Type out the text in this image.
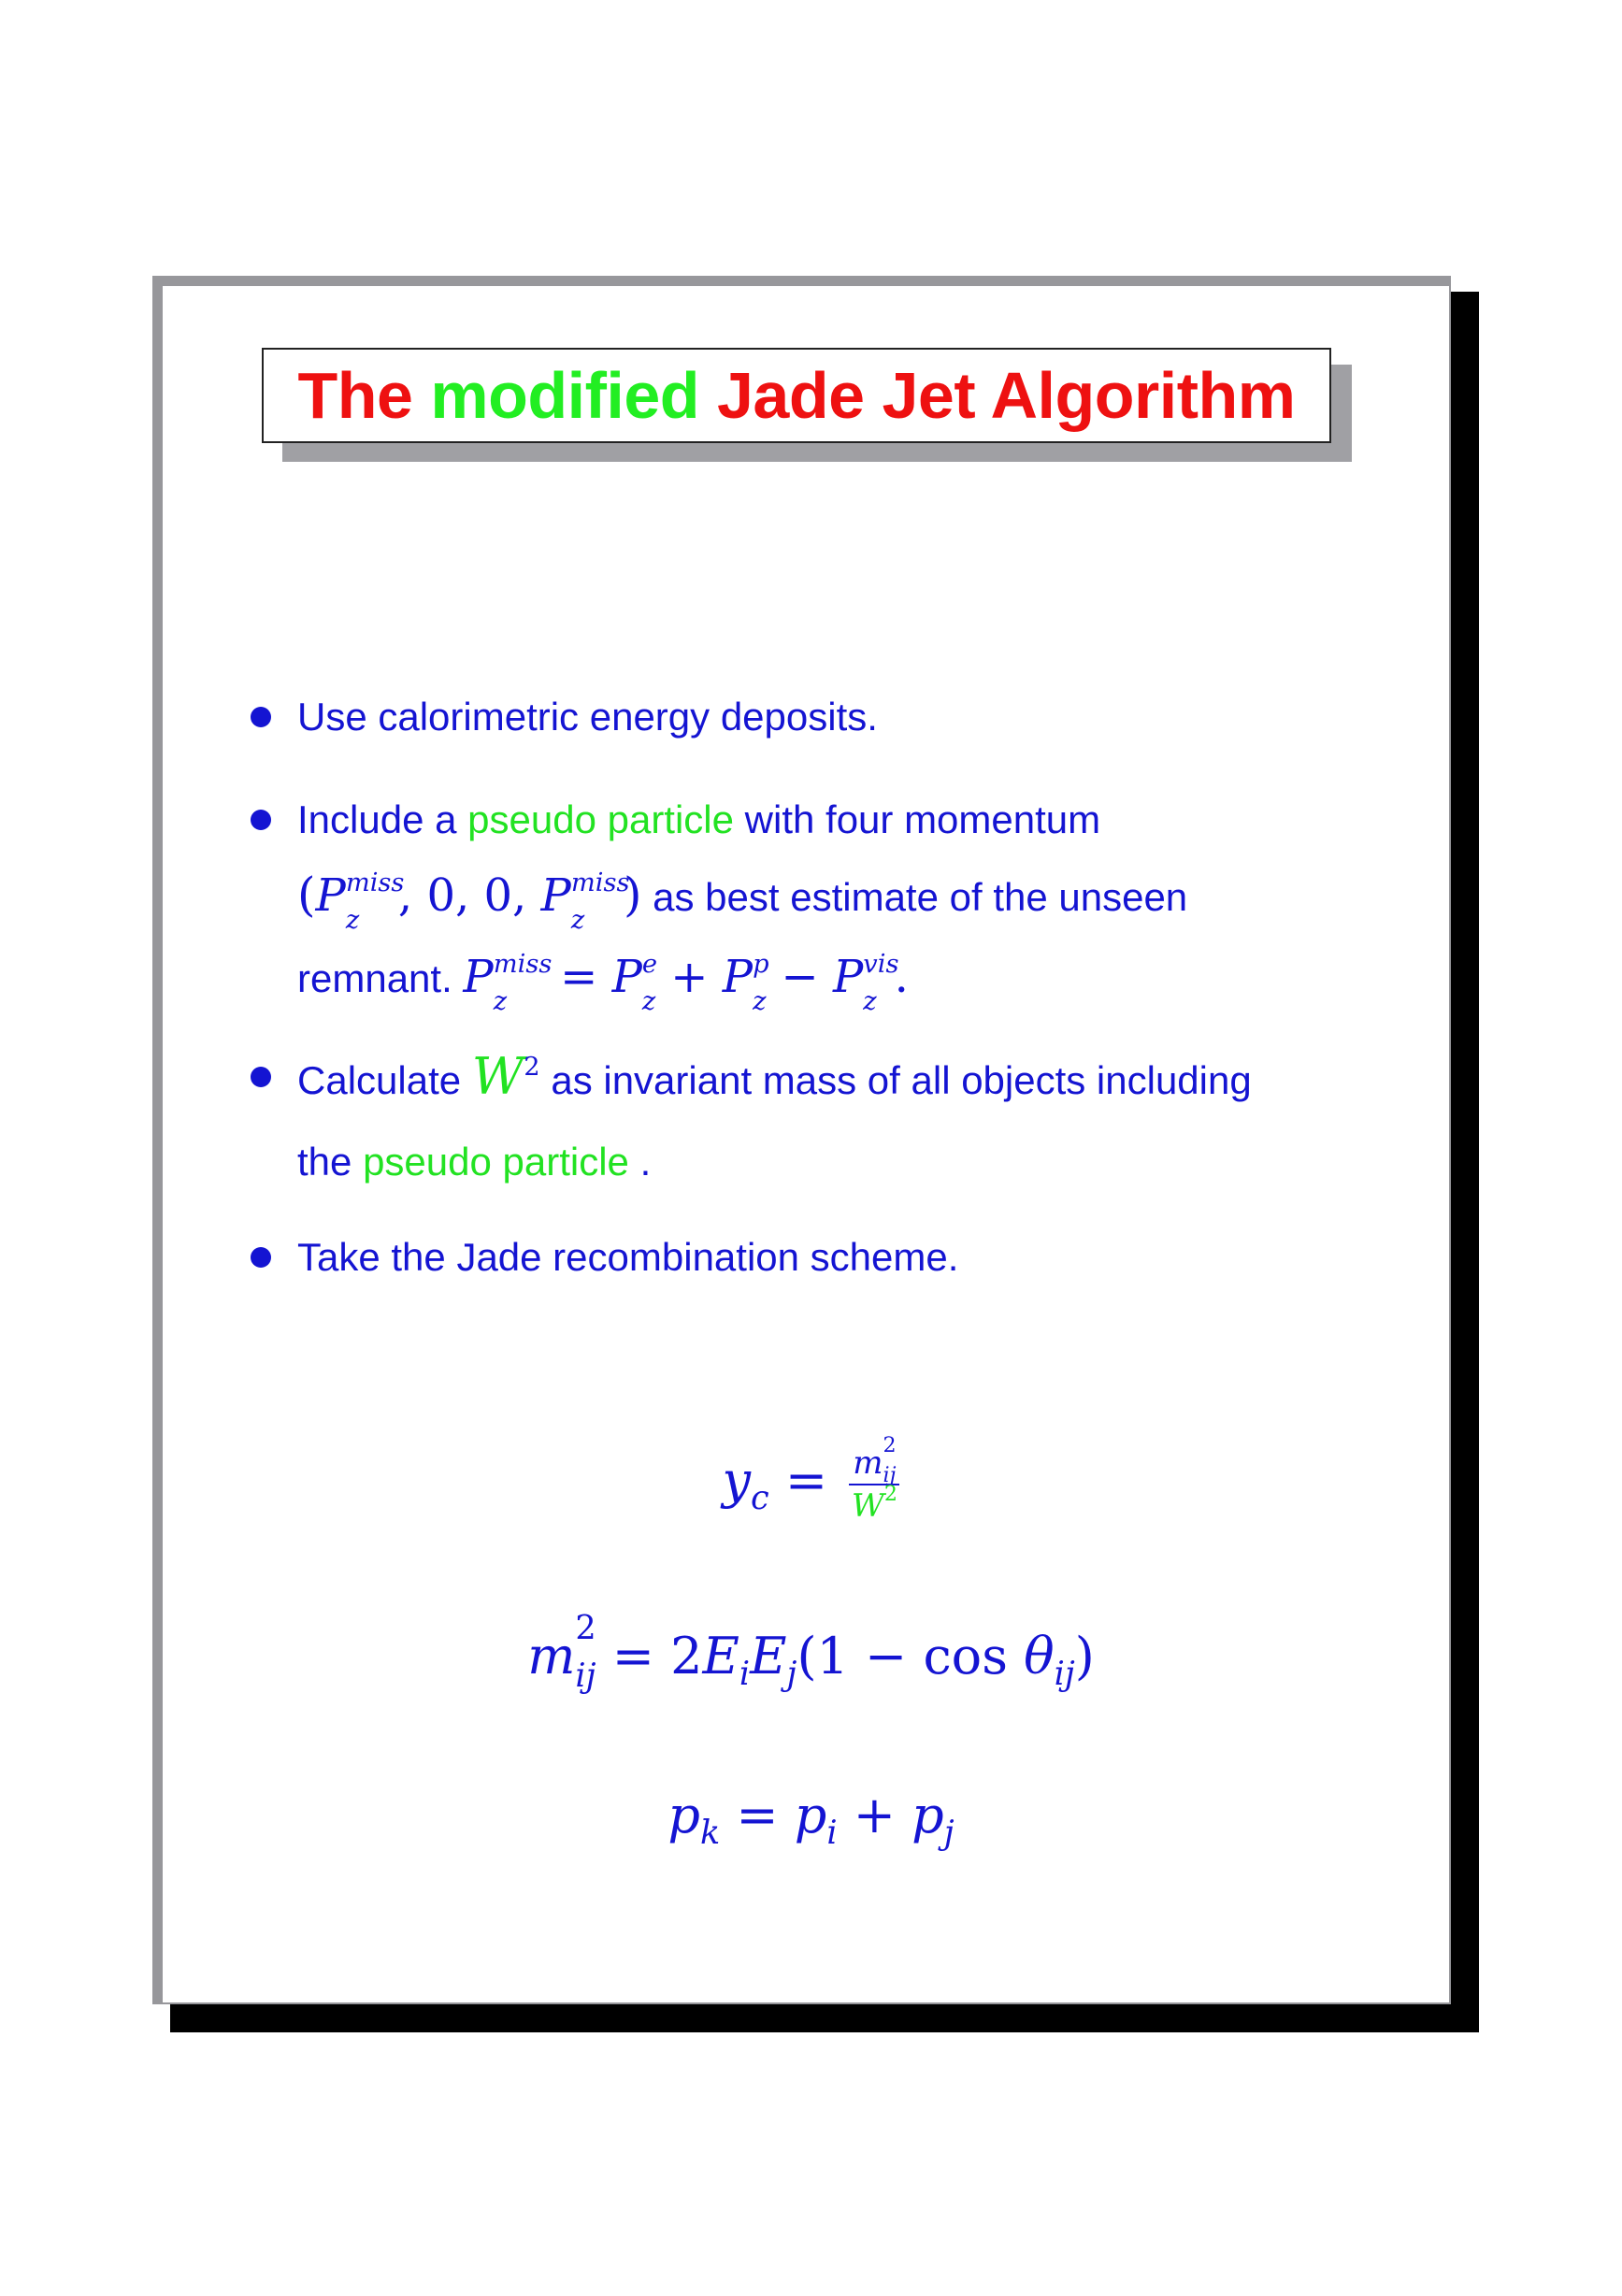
The
modified
Jade Jet Algorithm
Use calorimetric energy deposits.
Include a pseudo particle with four momentum
(P miss
z , 0, 0, P miss
z ) as best estimate of the unseen
remnant. P miss
z = P e
z + P p
z − P vis
z .
Calculate $W^2$ as invariant mass of all objects including
the pseudo particle .
Take the Jade recombination scheme.
$y_c = m$ 2
ij
$W^2$
m 2
ij = $2E_iE_j(1 - \cos \theta_{ij})$
$p_k = p_i + p_j$
